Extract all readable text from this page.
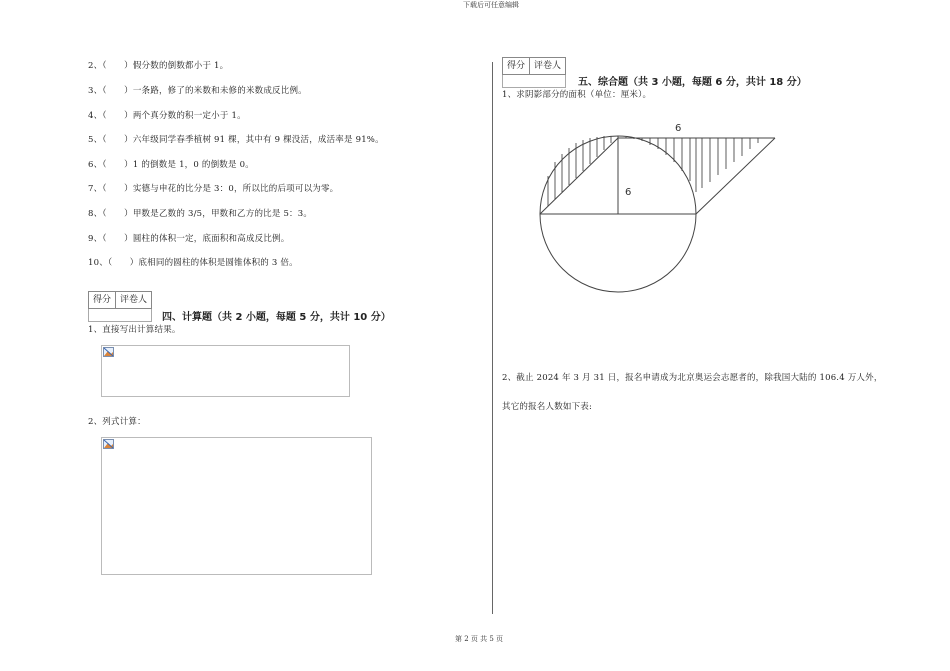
下载后可任意编辑
2、（　　）假分数的倒数都小于 1。
3、（　　）一条路，修了的米数和未修的米数成反比例。
4、（　　）两个真分数的积一定小于 1。
5、（　　）六年级同学春季植树 91 棵，其中有 9 棵没活，成活率是 91%。
6、（　　）1 的倒数是 1，0 的倒数是 0。
7、（　　）实德与申花的比分是 3：0，所以比的后项可以为零。
8、（　　）甲数是乙数的 3/5，甲数和乙方的比是 5：3。
9、（　　）圆柱的体积一定，底面积和高成反比例。
10、（　　）底相同的圆柱的体积是圆锥体积的 3 倍。
得分	评卷人
四、计算题（共 2 小题，每题 5 分，共计 10 分）
1、直接写出计算结果。
2、列式计算：
得分	评卷人
五、综合题（共 3 小题，每题 6 分，共计 18 分）
1、求阴影部分的面积（单位：厘米）。
6
6
2、截止 2024 年 3 月 31 日，报名申请成为北京奥运会志愿者的，除我国大陆的 106.4 万人外，
其它的报名人数如下表:
第 2 页 共 5 页
